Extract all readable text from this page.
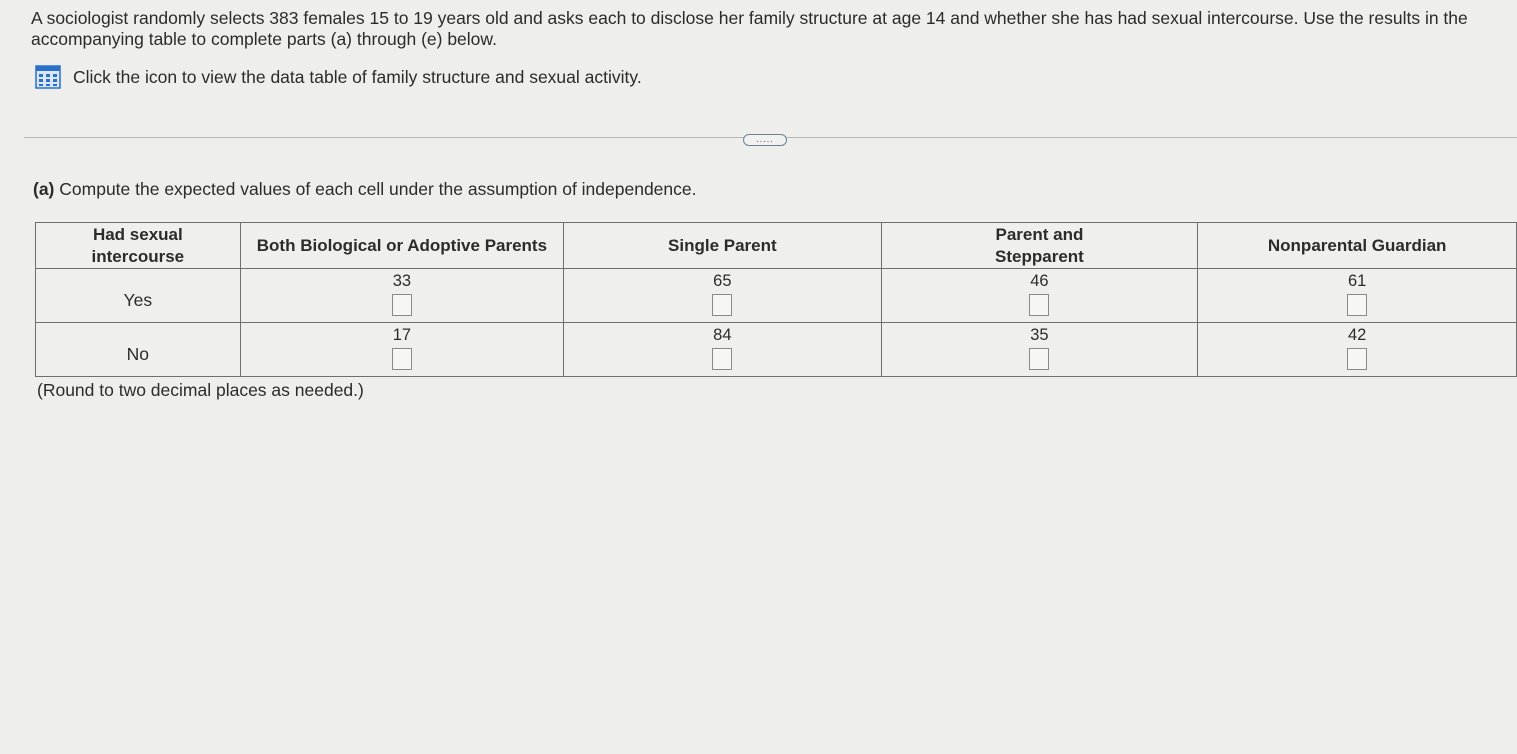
A sociologist randomly selects 383 females 15 to 19 years old and asks each to disclose her family structure at age 14 and whether she has had sexual intercourse. Use the results in the accompanying table to complete parts (a) through (e) below.

Click the icon to view the data table of family structure and sexual activity.
.....

(a) Compute the expected values of each cell under the assumption of independence.

Had sexual intercourse	Both Biological or Adoptive Parents	Single Parent	Parent and Stepparent	Nonparental Guardian
Yes	33	65	46	61

No	17	84	35	42

(Round to two decimal places as needed.)
